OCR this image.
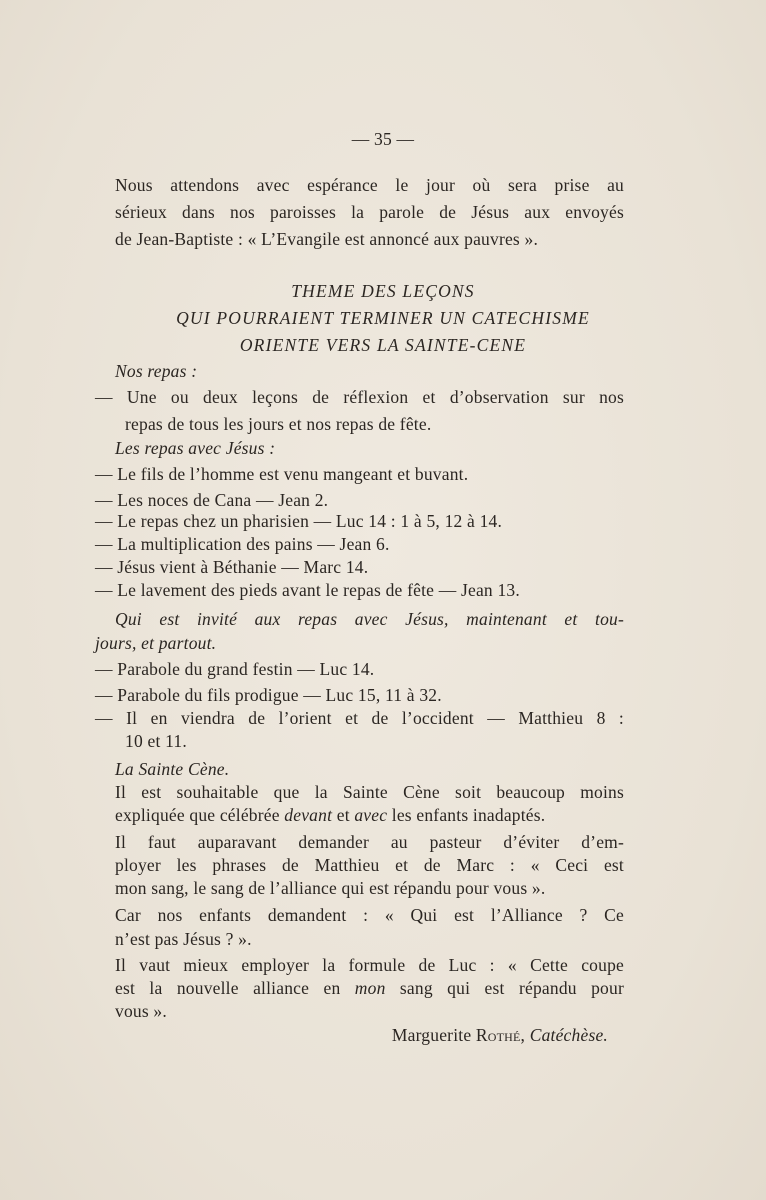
— 35 —
Nous attendons avec espérance le jour où sera prise au
sérieux dans nos paroisses la parole de Jésus aux envoyés
de Jean-Baptiste : « L’Evangile est annoncé aux pauvres ».
THEME DES LEÇONS
QUI POURRAIENT TERMINER UN CATECHISME
ORIENTE VERS LA SAINTE-CENE
Nos repas :
— Une ou deux leçons de réflexion et d’observation sur nos
repas de tous les jours et nos repas de fête.
Les repas avec Jésus :
— Le fils de l’homme est venu mangeant et buvant.
— Les noces de Cana — Jean 2.
— Le repas chez un pharisien — Luc 14 : 1 à 5, 12 à 14.
— La multiplication des pains — Jean 6.
— Jésus vient à Béthanie — Marc 14.
— Le lavement des pieds avant le repas de fête — Jean 13.
Qui est invité aux repas avec Jésus, maintenant et tou-
jours, et partout.
— Parabole du grand festin — Luc 14.
— Parabole du fils prodigue — Luc 15, 11 à 32.
— Il en viendra de l’orient et de l’occident — Matthieu 8 :
10 et 11.
La Sainte Cène.
Il est souhaitable que la Sainte Cène soit beaucoup moins
expliquée que célébrée devant et avec les enfants inadaptés.
Il faut auparavant demander au pasteur d’éviter d’em-
ployer les phrases de Matthieu et de Marc : « Ceci est
mon sang, le sang de l’alliance qui est répandu pour vous ».
Car nos enfants demandent : « Qui est l’Alliance ? Ce
n’est pas Jésus ? ».
Il vaut mieux employer la formule de Luc : « Cette coupe
est la nouvelle alliance en mon sang qui est répandu pour
vous ».
Marguerite Rothé, Catéchèse.
